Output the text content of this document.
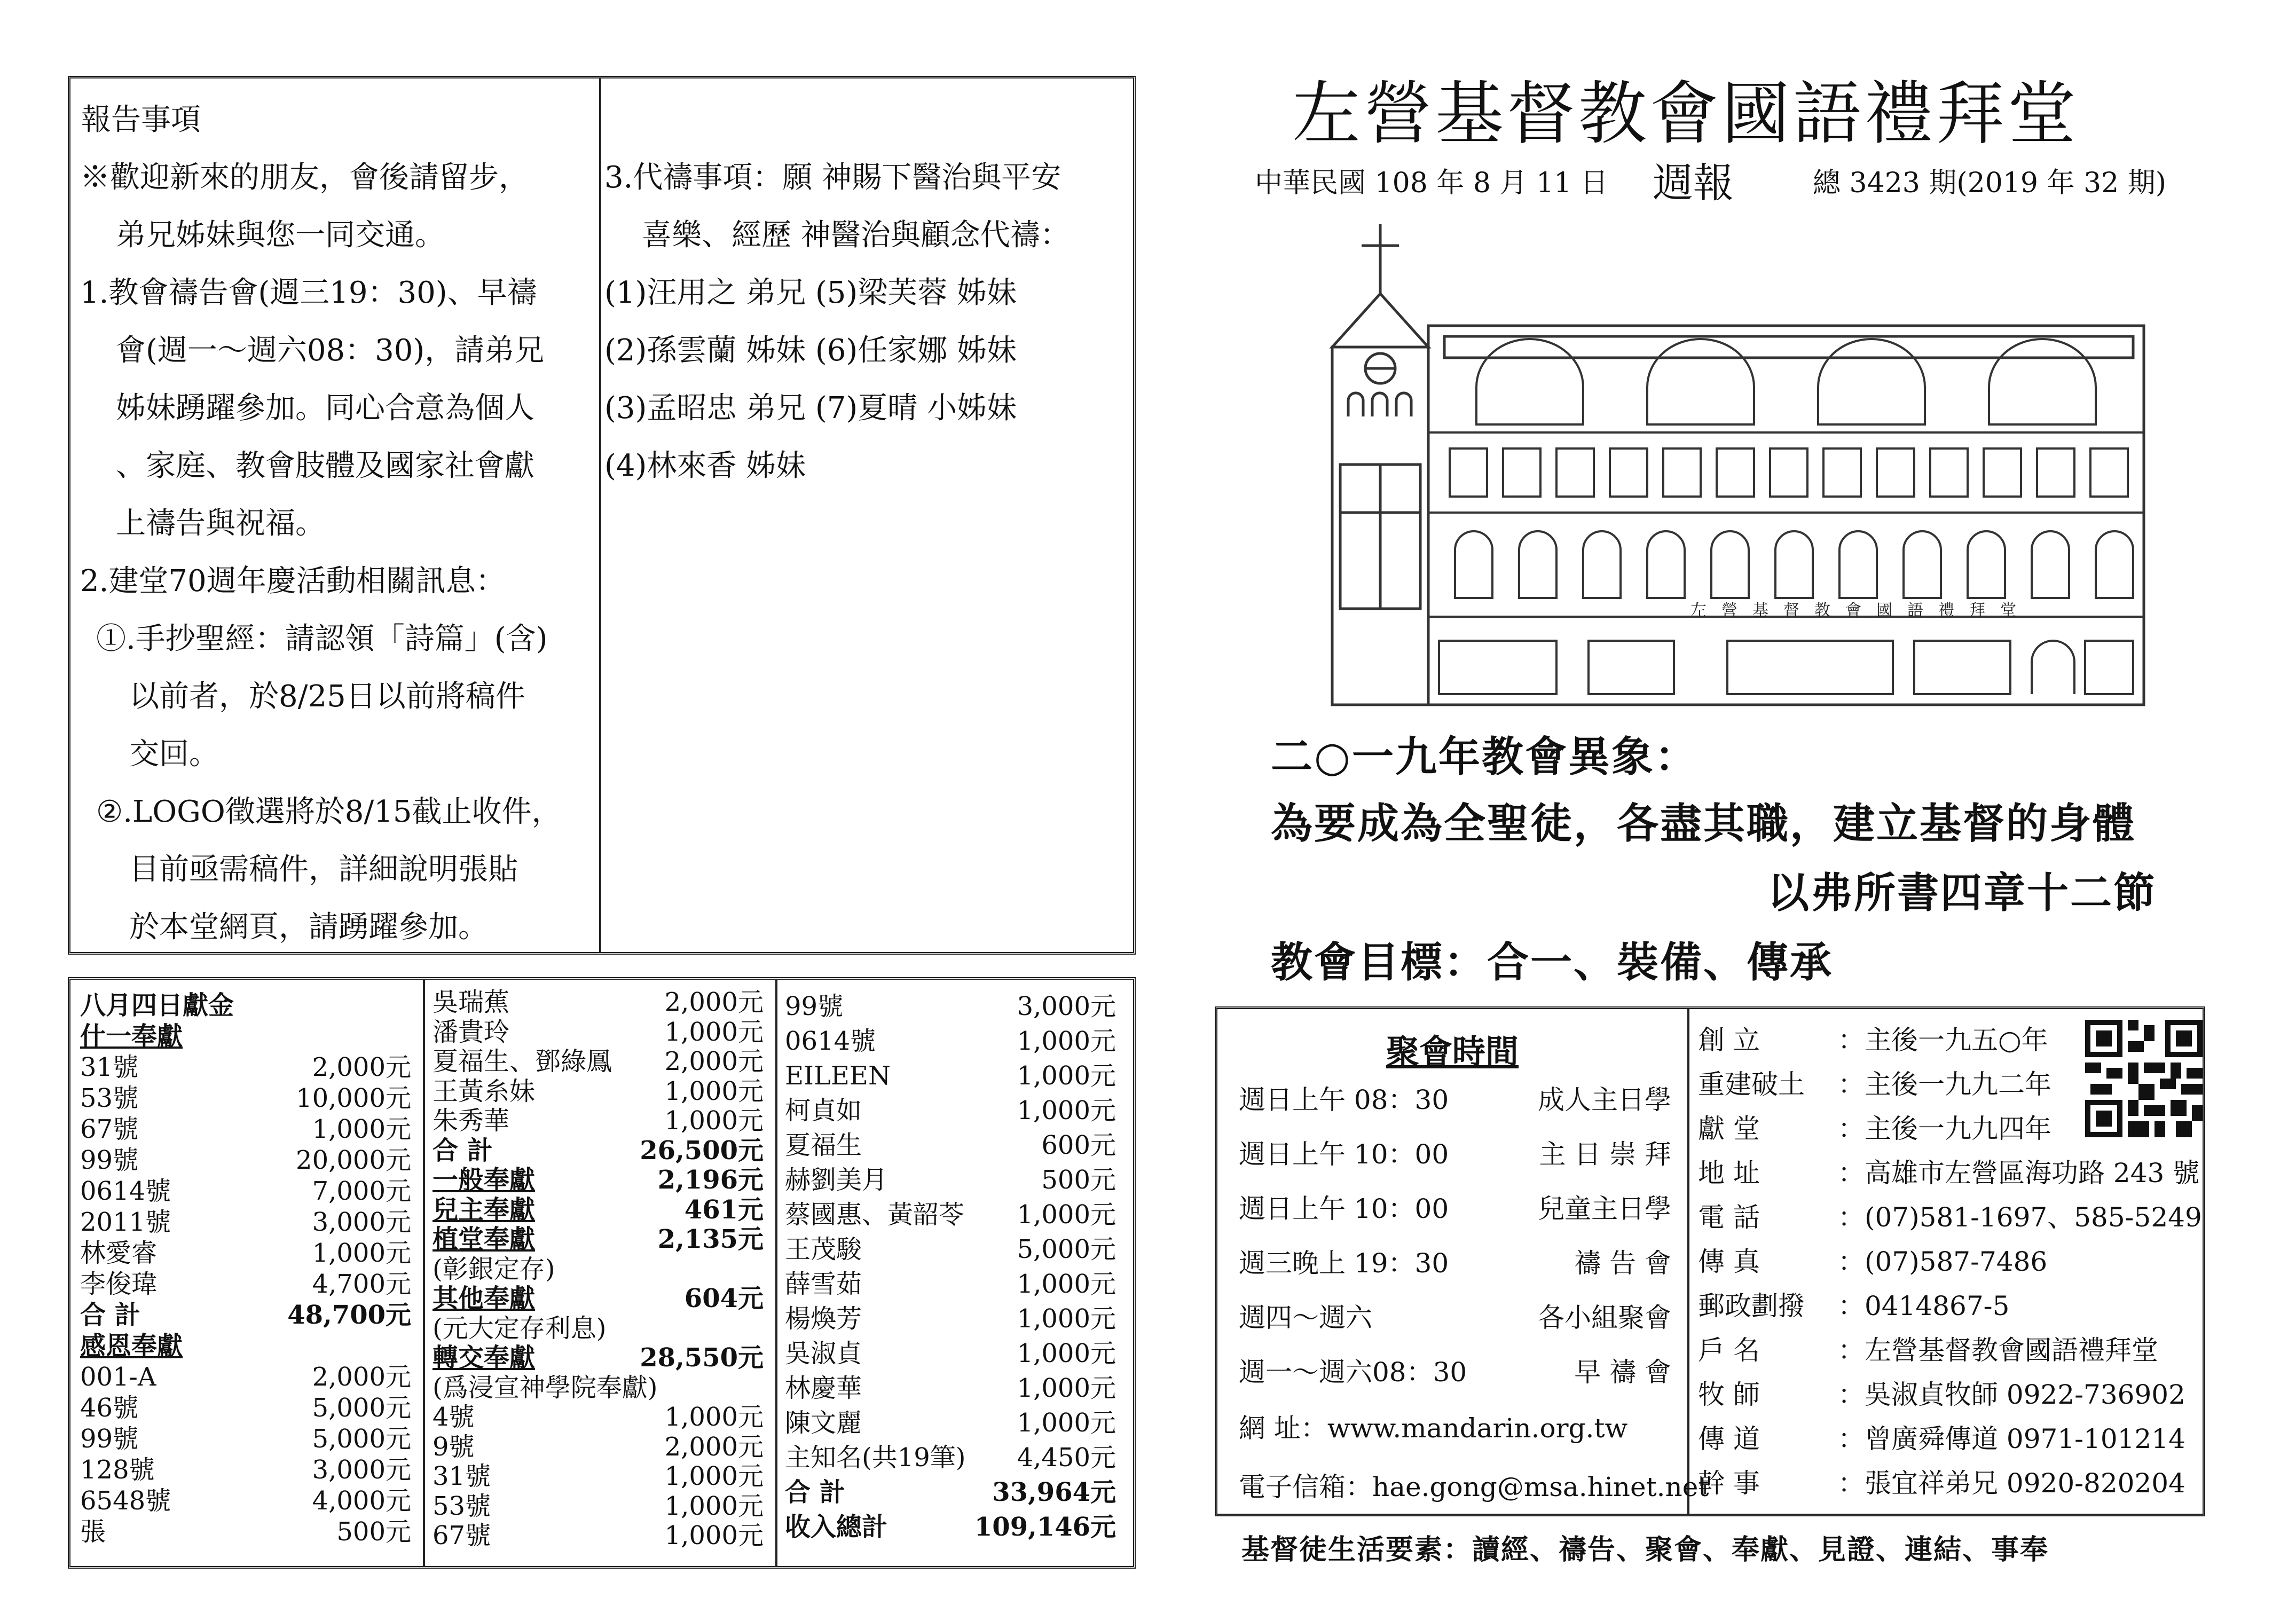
報告事項
※歡迎新來的朋友，會後請留步，
弟兄姊妹與您一同交通。
1.教會禱告會(週三19：30)、早禱
會(週一～週六08：30)，請弟兄
姊妹踴躍參加。同心合意為個人
、家庭、教會肢體及國家社會獻
上禱告與祝福。
2.建堂70週年慶活動相關訊息：
①.手抄聖經：請認領「詩篇」(含)
以前者，於8/25日以前將稿件
交回。
②.LOGO徵選將於8/15截止收件，
目前亟需稿件，詳細說明張貼
於本堂網頁，請踴躍參加。
3.代禱事項：願 神賜下醫治與平安
喜樂、經歷 神醫治與顧念代禱：
(1)汪用之 弟兄 (5)梁芙蓉 姊妹
(2)孫雲蘭 姊妹 (6)任家娜 姊妹
(3)孟昭忠 弟兄 (7)夏晴 小姊妹
(4)林來香 姊妹
八月四日獻金
什一奉獻
31號	2,000元
53號	10,000元
67號	1,000元
99號	20,000元
0614號	7,000元
2011號	3,000元
林愛睿	1,000元
李俊瑋	4,700元
合 計	48,700元
感恩奉獻
001-A	2,000元
46號	5,000元
99號	5,000元
128號	3,000元
6548號	4,000元
張	500元
吳瑞蕉	2,000元
潘貴玲	1,000元
夏福生、鄧綠鳳 2,000元
王黃糸妹	1,000元
朱秀華	1,000元
合 計	26,500元
一般奉獻	2,196元
兒主奉獻	461元
植堂奉獻	2,135元
(彰銀定存)
其他奉獻	604元
(元大定存利息)
轉交奉獻	28,550元
(爲浸宣神學院奉獻)
4號	1,000元
9號	2,000元
31號	1,000元
53號	1,000元
67號	1,000元
99號	3,000元
0614號	1,000元
EILEEN	1,000元
柯貞如	1,000元
夏福生	600元
赫劉美月	500元
蔡國惠、黃韶苓 1,000元
王茂駿	5,000元
薛雪茹	1,000元
楊煥芳	1,000元
吳淑貞	1,000元
林慶華	1,000元
陳文麗	1,000元
主知名(共19筆) 4,450元
合 計	33,964元
收入總計	109,146元
左營基督教會國語禮拜堂
中華民國 108 年 8 月 11 日 週報	總 3423 期(2019 年 32 期)
左營基督教會國語禮拜堂
二○一九年教會異象：
為要成為全聖徒，各盡其職，建立基督的身體
以弗所書四章十二節
教會目標：合一、裝備、傳承
聚會時間
週日上午 08：30	成人主日學
週日上午 10：00	主 日 崇 拜
週日上午 10：00	兒童主日學
週三晚上 19：30	禱 告 會
週四～週六	各小組聚會
週一～週六08：30	早 禱 會
網 址：www.mandarin.org.tw
電子信箱：hae.gong@msa.hinet.net
創 立	：主後一九五○年
重建破土	：主後一九九二年
獻 堂	：主後一九九四年
地 址	：高雄市左營區海功路 243 號
電 話	：(07)581-1697、585-5249
傳 真	：(07)587-7486
郵政劃撥	：0414867-5
戶 名	：左營基督教會國語禮拜堂
牧 師	：吳淑貞牧師 0922-736902
傳 道	：曾廣舜傳道 0971-101214
幹 事	：張宜祥弟兄 0920-820204
基督徒生活要素：讀經、禱告、聚會、奉獻、見證、連結、事奉
